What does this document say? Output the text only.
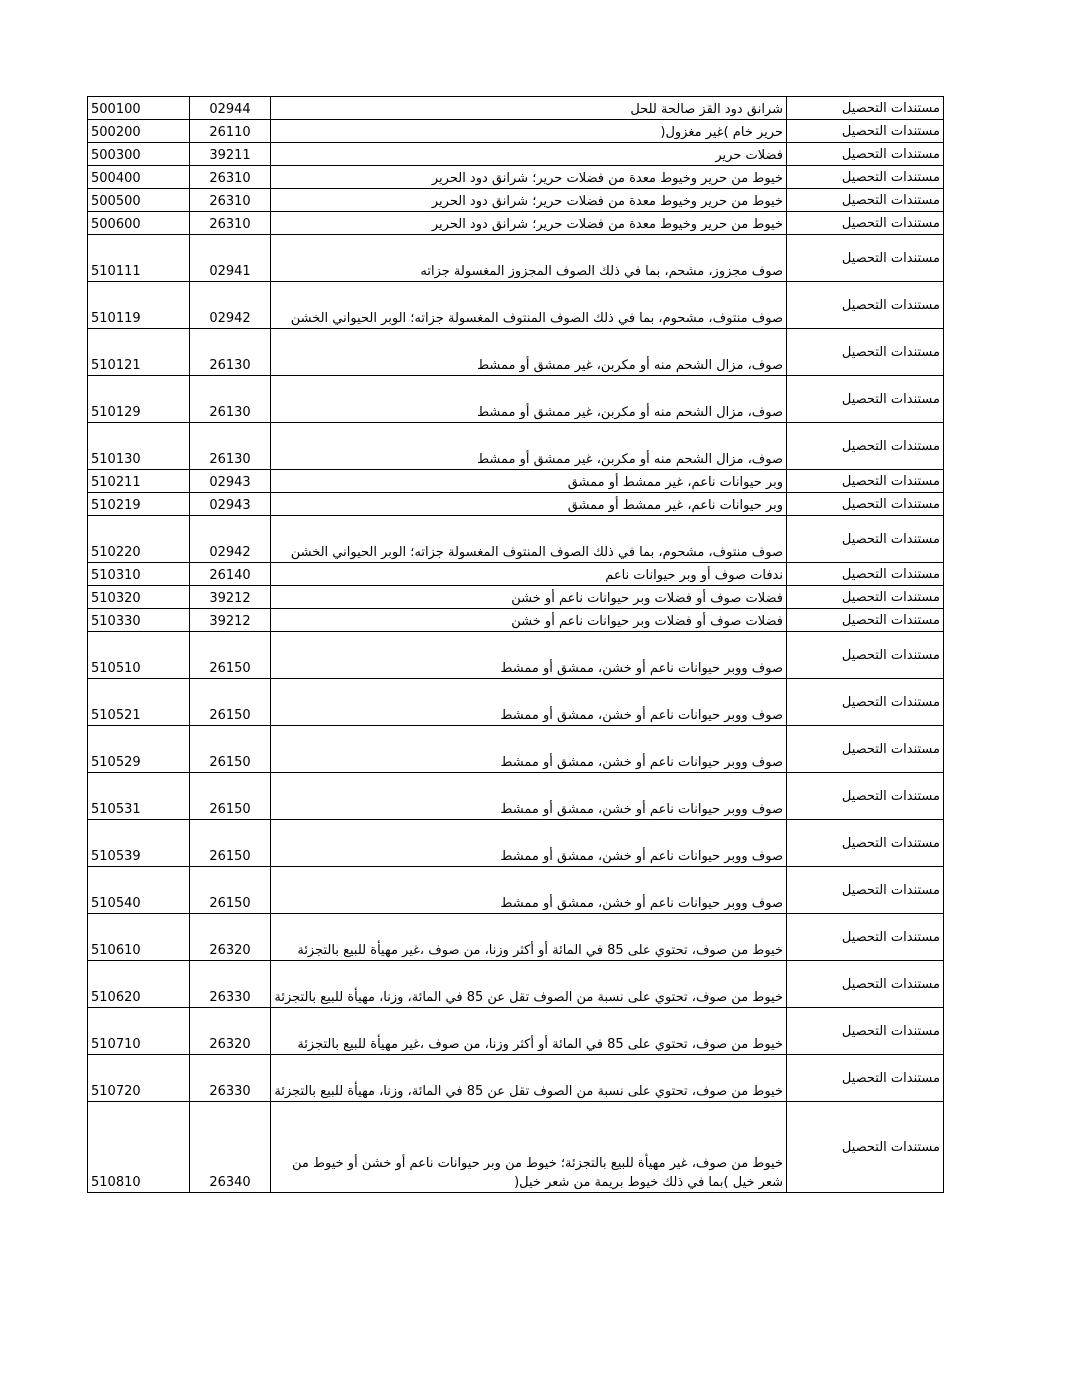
500100	02944	شرانق دود القز صالحة للحل	مستندات التحصيل
500200	26110	حرير خام )غير مغزول(	مستندات التحصيل
500300	39211	فضلات حرير	مستندات التحصيل
500400	26310	خيوط من حرير وخيوط معدة من فضلات حرير؛ شرانق دود الحرير	مستندات التحصيل
500500	26310	خيوط من حرير وخيوط معدة من فضلات حرير؛ شرانق دود الحرير	مستندات التحصيل
500600	26310	خيوط من حرير وخيوط معدة من فضلات حرير؛ شرانق دود الحرير	مستندات التحصيل
510111	02941	صوف مجزوز، مشحم، بما في ذلك الصوف المجزوز المغسولة جزاته	مستندات التحصيل
510119	02942	صوف منتوف، مشحوم، بما في ذلك الصوف المنتوف المغسولة جزاته؛ الوبر الحيواني الخشن	مستندات التحصيل
510121	26130	صوف، مزال الشحم منه أو مكربن، غير ممشق أو ممشط	مستندات التحصيل
510129	26130	صوف، مزال الشحم منه أو مكربن، غير ممشق أو ممشط	مستندات التحصيل
510130	26130	صوف، مزال الشحم منه أو مكربن، غير ممشق أو ممشط	مستندات التحصيل
510211	02943	وبر حيوانات ناعم، غير ممشط أو ممشق	مستندات التحصيل
510219	02943	وبر حيوانات ناعم، غير ممشط أو ممشق	مستندات التحصيل
510220	02942	صوف منتوف، مشحوم، بما في ذلك الصوف المنتوف المغسولة جزاته؛ الوبر الحيواني الخشن	مستندات التحصيل
510310	26140	ندفات صوف أو وبر حيوانات ناعم	مستندات التحصيل
510320	39212	فضلات صوف أو فضلات وبر حيوانات ناعم أو خشن	مستندات التحصيل
510330	39212	فضلات صوف أو فضلات وبر حيوانات ناعم أو خشن	مستندات التحصيل
510510	26150	صوف ووبر حيوانات ناعم أو خشن، ممشق أو ممشط	مستندات التحصيل
510521	26150	صوف ووبر حيوانات ناعم أو خشن، ممشق أو ممشط	مستندات التحصيل
510529	26150	صوف ووبر حيوانات ناعم أو خشن، ممشق أو ممشط	مستندات التحصيل
510531	26150	صوف ووبر حيوانات ناعم أو خشن، ممشق أو ممشط	مستندات التحصيل
510539	26150	صوف ووبر حيوانات ناعم أو خشن، ممشق أو ممشط	مستندات التحصيل
510540	26150	صوف ووبر حيوانات ناعم أو خشن، ممشق أو ممشط	مستندات التحصيل
510610	26320	خيوط من صوف، تحتوي على 85 في المائة أو أكثر وزنا، من صوف ،غير مهيأة للبيع بالتجزئة	مستندات التحصيل
510620	26330	خيوط من صوف، تحتوي على نسبة من الصوف تقل عن 85 في المائة، وزنا، مهيأة للبيع بالتجزئة	مستندات التحصيل
510710	26320	خيوط من صوف، تحتوي على 85 في المائة أو أكثر وزنا، من صوف ،غير مهيأة للبيع بالتجزئة	مستندات التحصيل
510720	26330	خيوط من صوف، تحتوي على نسبة من الصوف تقل عن 85 في المائة، وزنا، مهيأة للبيع بالتجزئة	مستندات التحصيل
510810	26340	خيوط من صوف، غير مهيأة للبيع بالتجزئة؛ خيوط من وبر حيوانات ناعم أو خشن أو خيوط من شعر خيل )بما في ذلك خيوط بريمة من شعر خيل(	مستندات التحصيل
